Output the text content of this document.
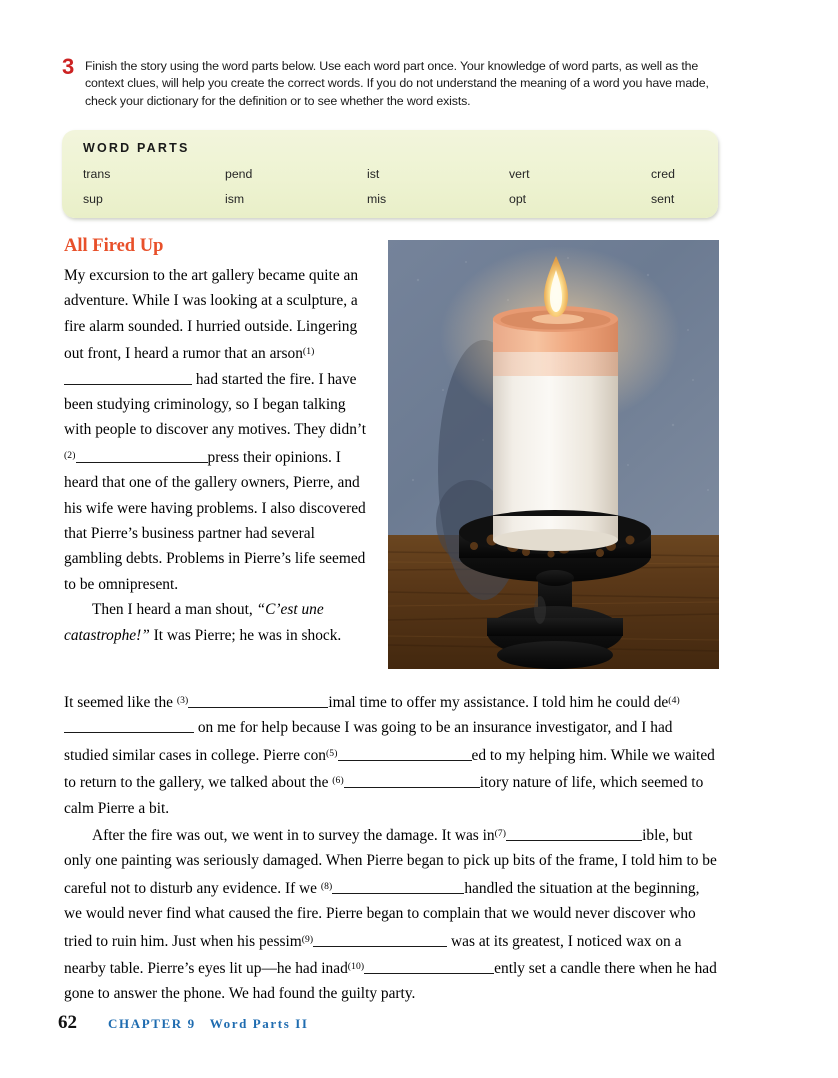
3 Finish the story using the word parts below. Use each word part once. Your knowledge of word parts, as well as the context clues, will help you create the correct words. If you do not understand the meaning of a word you have made, check your dictionary for the definition or to see whether the word exists.
WORD PARTS
trans	pend	ist	vert	cred
sup	ism	mis	opt	sent
All Fired Up

My excursion to the art gallery became quite an adventure. While I was looking at a sculpture, a fire alarm sounded. I hurried outside. Lingering out front, I heard a rumor that an arson$^{(1)}$ had started the fire. I have been studying criminology, so I began talking with people to discover any motives. They didn’t $^{(2)}$	press their opinions. I heard that one of the gallery owners, Pierre, and his wife were having problems. I also discovered that Pierre’s business partner had several gambling debts. Problems in Pierre’s life seemed to be omnipresent.

Then I heard a man shout, “C’est une catastrophe!” It was Pierre; he was in shock.

It seemed like the $^{(3)}$	imal time to offer my assistance. I told him he could $de^{(4)}$ on me for help because I was going to be an insurance investigator, and I had studied similar cases in college. Pierre con$^{(5)}$	ed to my helping him. While we waited to return to the gallery, we talked about the $^{(6)}$	itory nature of life, which seemed to calm Pierre a bit.

After the fire was out, we went in to survey the damage. It was $in^{(7)}$	ible, but only one painting was seriously damaged. When Pierre began to pick up bits of the frame, I told him to be careful not to disturb any evidence. If we $^{(8)}$	handled the situation at the beginning, we would never find what caused the fire. Pierre began to complain that we would never discover who tried to ruin him. Just when his pessim$^{(9)}$	was at its greatest, I noticed wax on a nearby table. Pierre’s eyes lit up—he had inad$^{(10)}$	ently set a candle there when he had gone to answer the phone. We had found the guilty party.

62	CHAPTER 9 Word Parts II
